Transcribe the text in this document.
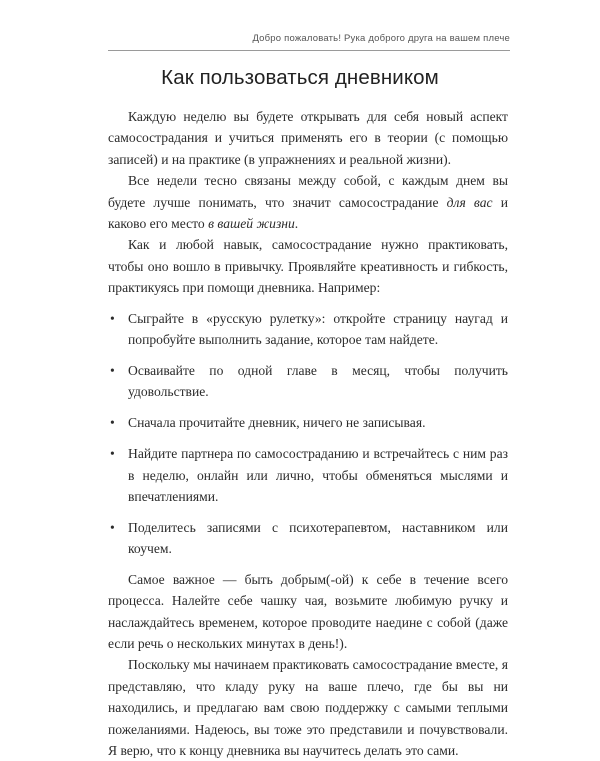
Добро пожаловать! Рука доброго друга на вашем плече
Как пользоваться дневником

Каждую неделю вы будете открывать для себя новый аспект самосострадания и учиться применять его в теории (с помощью записей) и на практике (в упражнениях и реальной жизни).

Все недели тесно связаны между собой, с каждым днем вы будете лучше понимать, что значит самосострадание для вас и каково его место в вашей жизни.

Как и любой навык, самосострадание нужно практиковать, чтобы оно вошло в привычку. Проявляйте креативность и гибкость, практикуясь при помощи дневника. Например:

• Сыграйте в «русскую рулетку»: откройте страницу наугад и попробуйте выполнить задание, которое там найдете.
• Осваивайте по одной главе в месяц, чтобы получить удовольствие.
• Сначала прочитайте дневник, ничего не записывая.
• Найдите партнера по самосостраданию и встречайтесь с ним раз в неделю, онлайн или лично, чтобы обменяться мыслями и впечатлениями.
• Поделитесь записями с психотерапевтом, наставником или коучем.

Самое важное — быть добрым(-ой) к себе в течение всего процесса. Налейте себе чашку чая, возьмите любимую ручку и наслаждайтесь временем, которое проводите наедине с собой (даже если речь о нескольких минутах в день!).

Поскольку мы начинаем практиковать самосострадание вместе, я представляю, что кладу руку на ваше плечо, где бы вы ни находились, и предлагаю вам свою поддержку с самыми теплыми пожеланиями. Надеюсь, вы тоже это представили и почувствовали. Я верю, что к концу дневника вы научитесь делать это сами.
